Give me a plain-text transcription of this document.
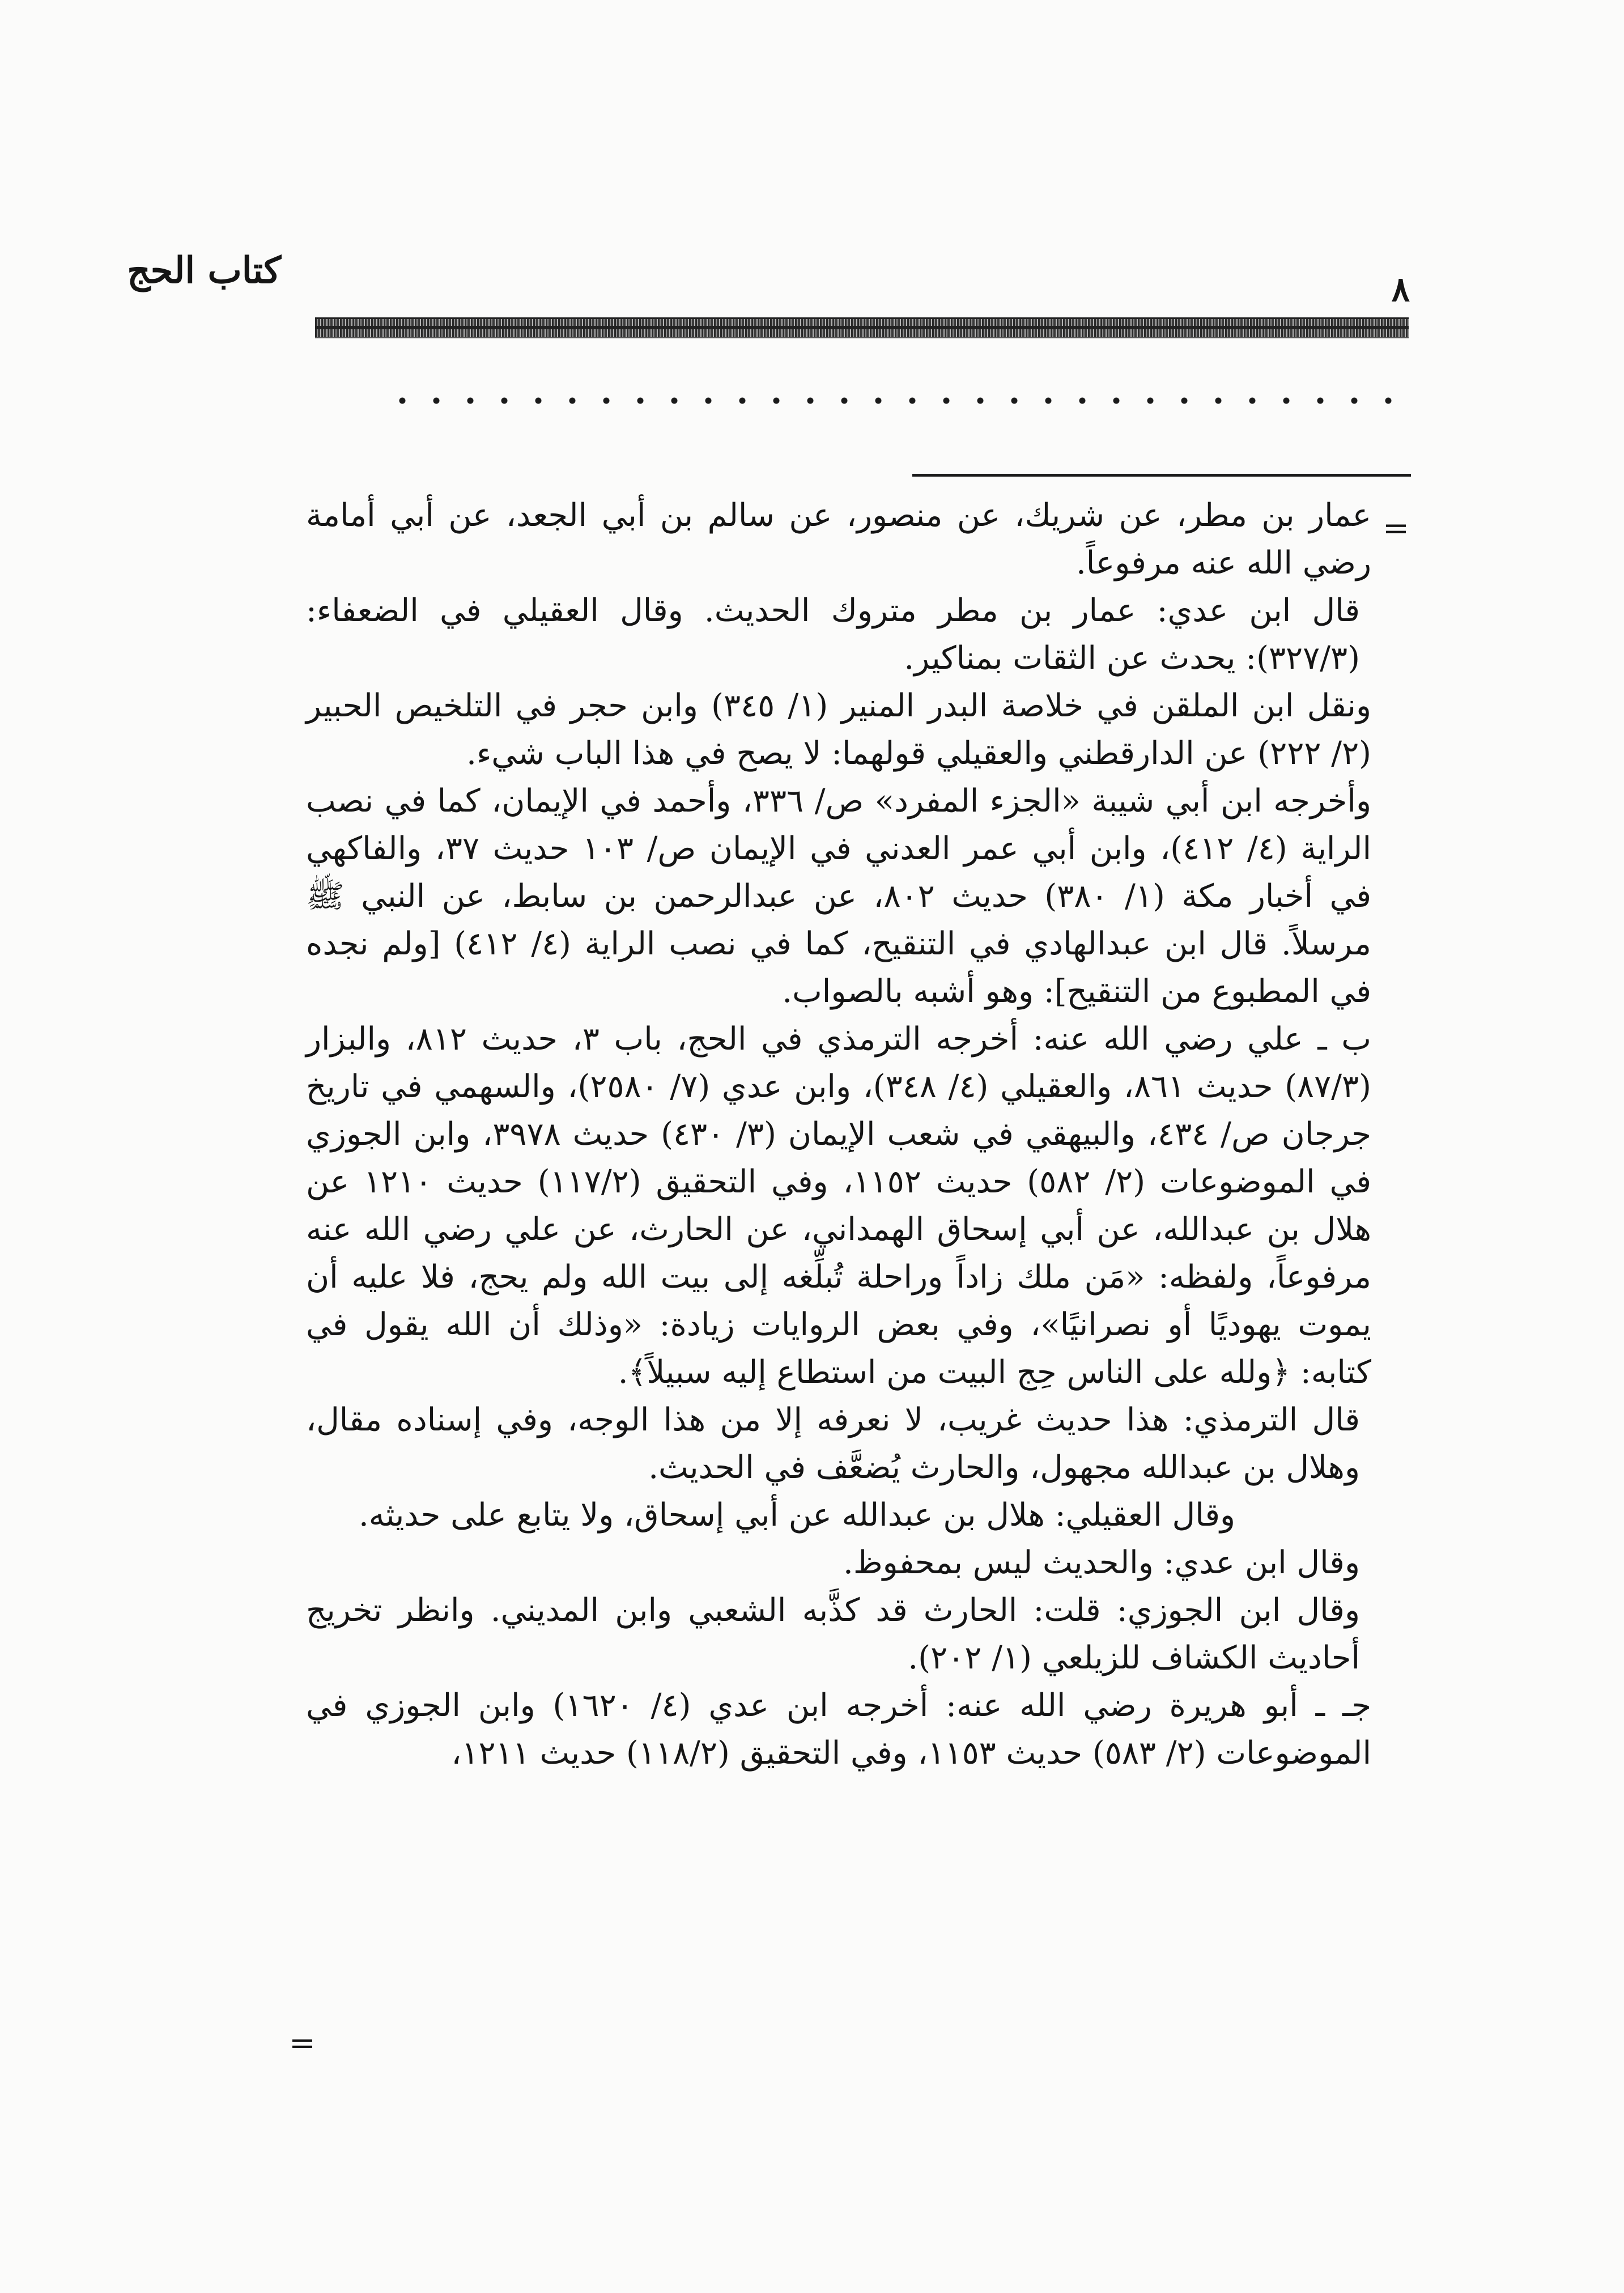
كتاب الحج	٨
=
=

عمار بن مطر، عن شريك، عن منصور، عن سالم بن أبي الجعد، عن أبي أمامة رضي الله عنه مرفوعاً.

قال ابن عدي: عمار بن مطر متروك الحديث. وقال العقيلي في الضعفاء: (٣٢٧/٣): يحدث عن الثقات بمناكير.

ونقل ابن الملقن في خلاصة البدر المنير (١/ ٣٤٥) وابن حجر في التلخيص الحبير (٢/ ٢٢٢) عن الدارقطني والعقيلي قولهما: لا يصح في هذا الباب شيء.

وأخرجه ابن أبي شيبة «الجزء المفرد» ص/ ٣٣٦، وأحمد في الإيمان، كما في نصب الراية (٤/ ٤١٢)، وابن أبي عمر العدني في الإيمان ص/ ١٠٣ حديث ٣٧، والفاكهي في أخبار مكة (١/ ٣٨٠) حديث ٨٠٢، عن عبدالرحمن بن سابط، عن النبي ﷺ مرسلاً. قال ابن عبدالهادي في التنقيح، كما في نصب الراية (٤/ ٤١٢) [ولم نجده في المطبوع من التنقيح]: وهو أشبه بالصواب.

ب ـ علي رضي الله عنه: أخرجه الترمذي في الحج، باب ٣، حديث ٨١٢، والبزار (٨٧/٣) حديث ٨٦١، والعقيلي (٤/ ٣٤٨)، وابن عدي (٧/ ٢٥٨٠)، والسهمي في تاريخ جرجان ص/ ٤٣٤، والبيهقي في شعب الإيمان (٣/ ٤٣٠) حديث ٣٩٧٨، وابن الجوزي في الموضوعات (٢/ ٥٨٢) حديث ١١٥٢، وفي التحقيق (١١٧/٢) حديث ١٢١٠ عن هلال بن عبدالله، عن أبي إسحاق الهمداني، عن الحارث، عن علي رضي الله عنه مرفوعاً، ولفظه: «مَن ملك زاداً وراحلة تُبلِّغه إلى بيت الله ولم يحج، فلا عليه أن يموت يهوديًا أو نصرانيًا»، وفي بعض الروايات زيادة: «وذلك أن الله يقول في كتابه: ﴿ولله على الناس حِج البيت من استطاع إليه سبيلاً﴾.

قال الترمذي: هذا حديث غريب، لا نعرفه إلا من هذا الوجه، وفي إسناده مقال، وهلال بن عبدالله مجهول، والحارث يُضعَّف في الحديث.

وقال العقيلي: هلال بن عبدالله عن أبي إسحاق، ولا يتابع على حديثه.

وقال ابن عدي: والحديث ليس بمحفوظ.

وقال ابن الجوزي: قلت: الحارث قد كذَّبه الشعبي وابن المديني. وانظر تخريج أحاديث الكشاف للزيلعي (١/ ٢٠٢).

جـ ـ أبو هريرة رضي الله عنه: أخرجه ابن عدي (٤/ ١٦٢٠) وابن الجوزي في الموضوعات (٢/ ٥٨٣) حديث ١١٥٣، وفي التحقيق (١١٨/٢) حديث ١٢١١،
